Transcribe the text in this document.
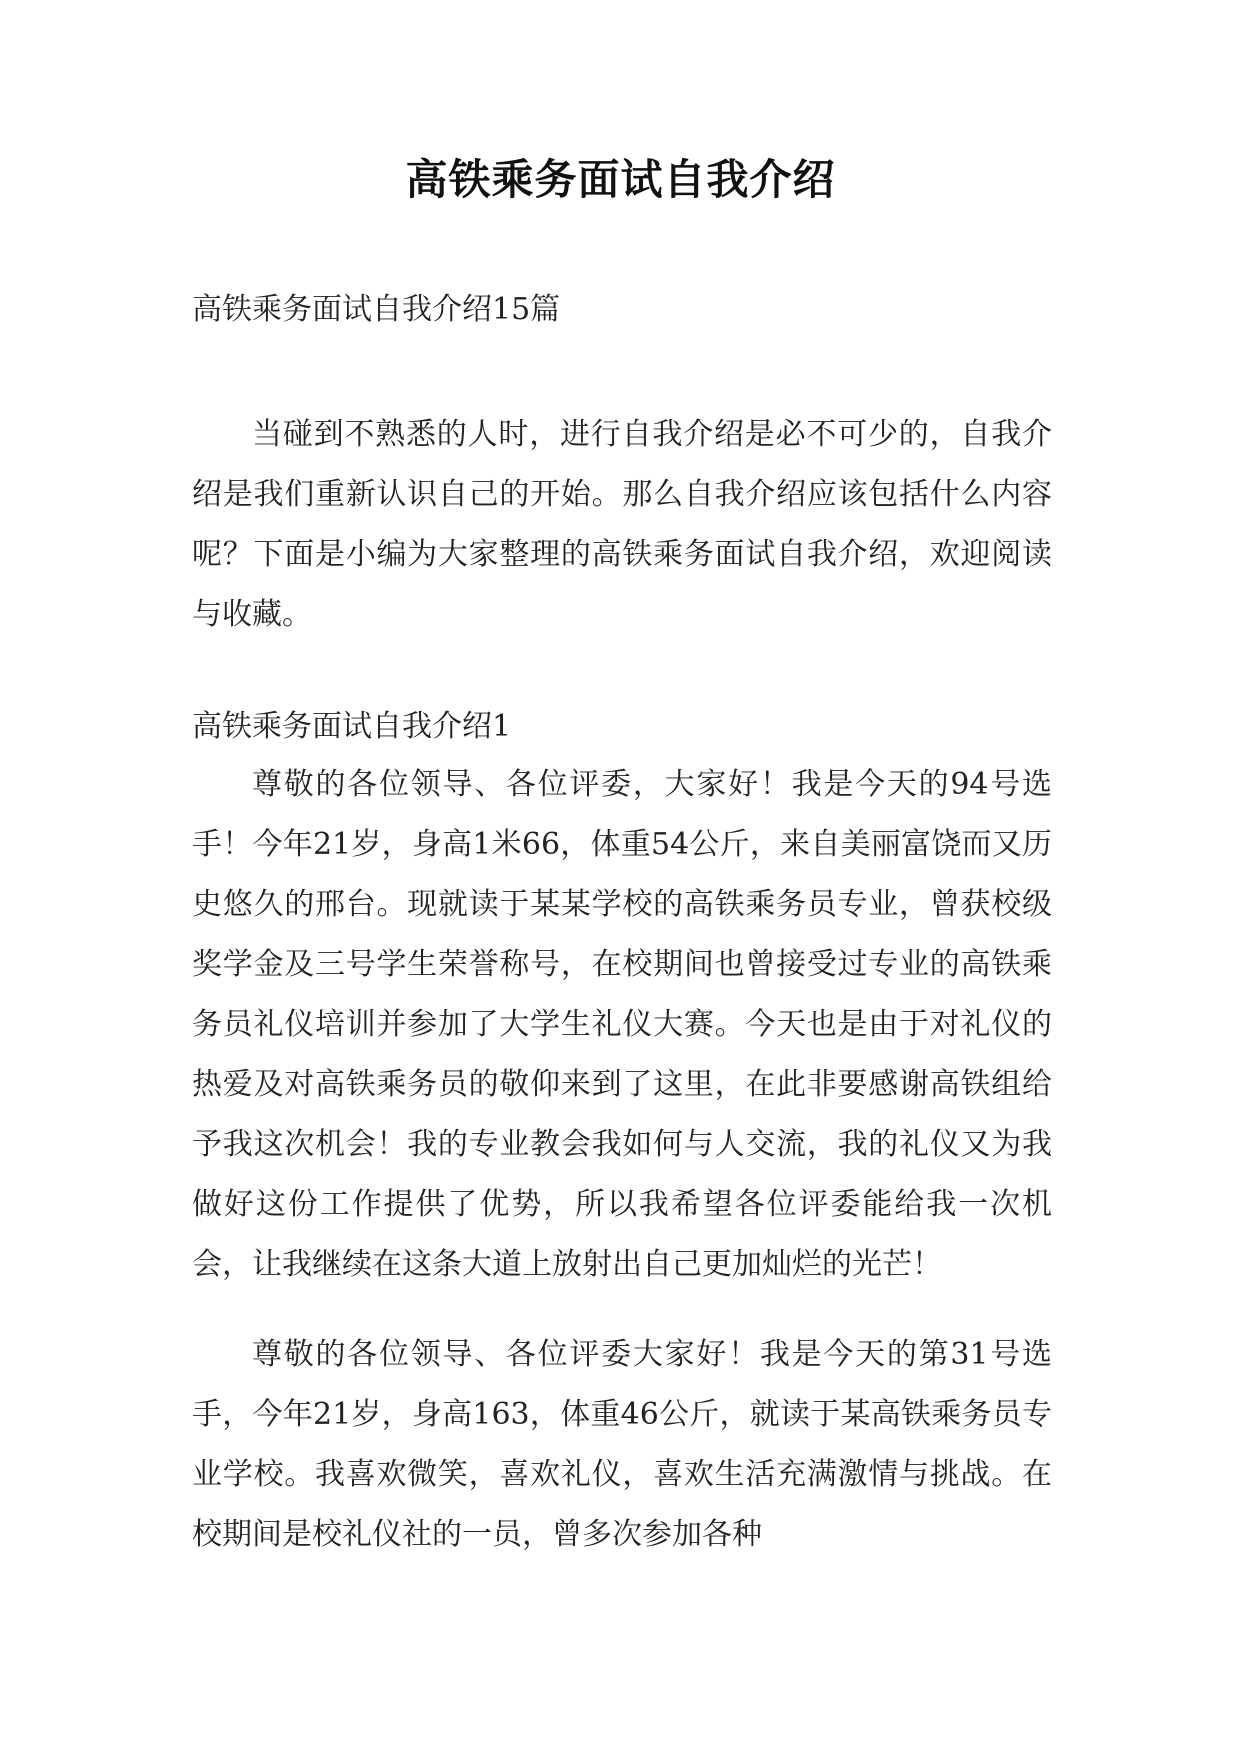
高铁乘务面试自我介绍
高铁乘务面试自我介绍15篇
当碰到不熟悉的人时，进行自我介绍是必不可少的，自我介绍是我们重新认识自己的开始。那么自我介绍应该包括什么内容呢？下面是小编为大家整理的高铁乘务面试自我介绍，欢迎阅读与收藏。
高铁乘务面试自我介绍1
尊敬的各位领导、各位评委，大家好！我是今天的94号选手！今年21岁，身高1米66，体重54公斤，来自美丽富饶而又历史悠久的邢台。现就读于某某学校的高铁乘务员专业，曾获校级奖学金及三号学生荣誉称号，在校期间也曾接受过专业的高铁乘务员礼仪培训并参加了大学生礼仪大赛。今天也是由于对礼仪的热爱及对高铁乘务员的敬仰来到了这里，在此非要感谢高铁组给予我这次机会！我的专业教会我如何与人交流，我的礼仪又为我做好这份工作提供了优势，所以我希望各位评委能给我一次机会，让我继续在这条大道上放射出自己更加灿烂的光芒！
尊敬的各位领导、各位评委大家好！我是今天的第31号选手，今年21岁，身高163，体重46公斤，就读于某高铁乘务员专业学校。我喜欢微笑，喜欢礼仪，喜欢生活充满激情与挑战。在校期间是校礼仪社的一员，曾多次参加各种
